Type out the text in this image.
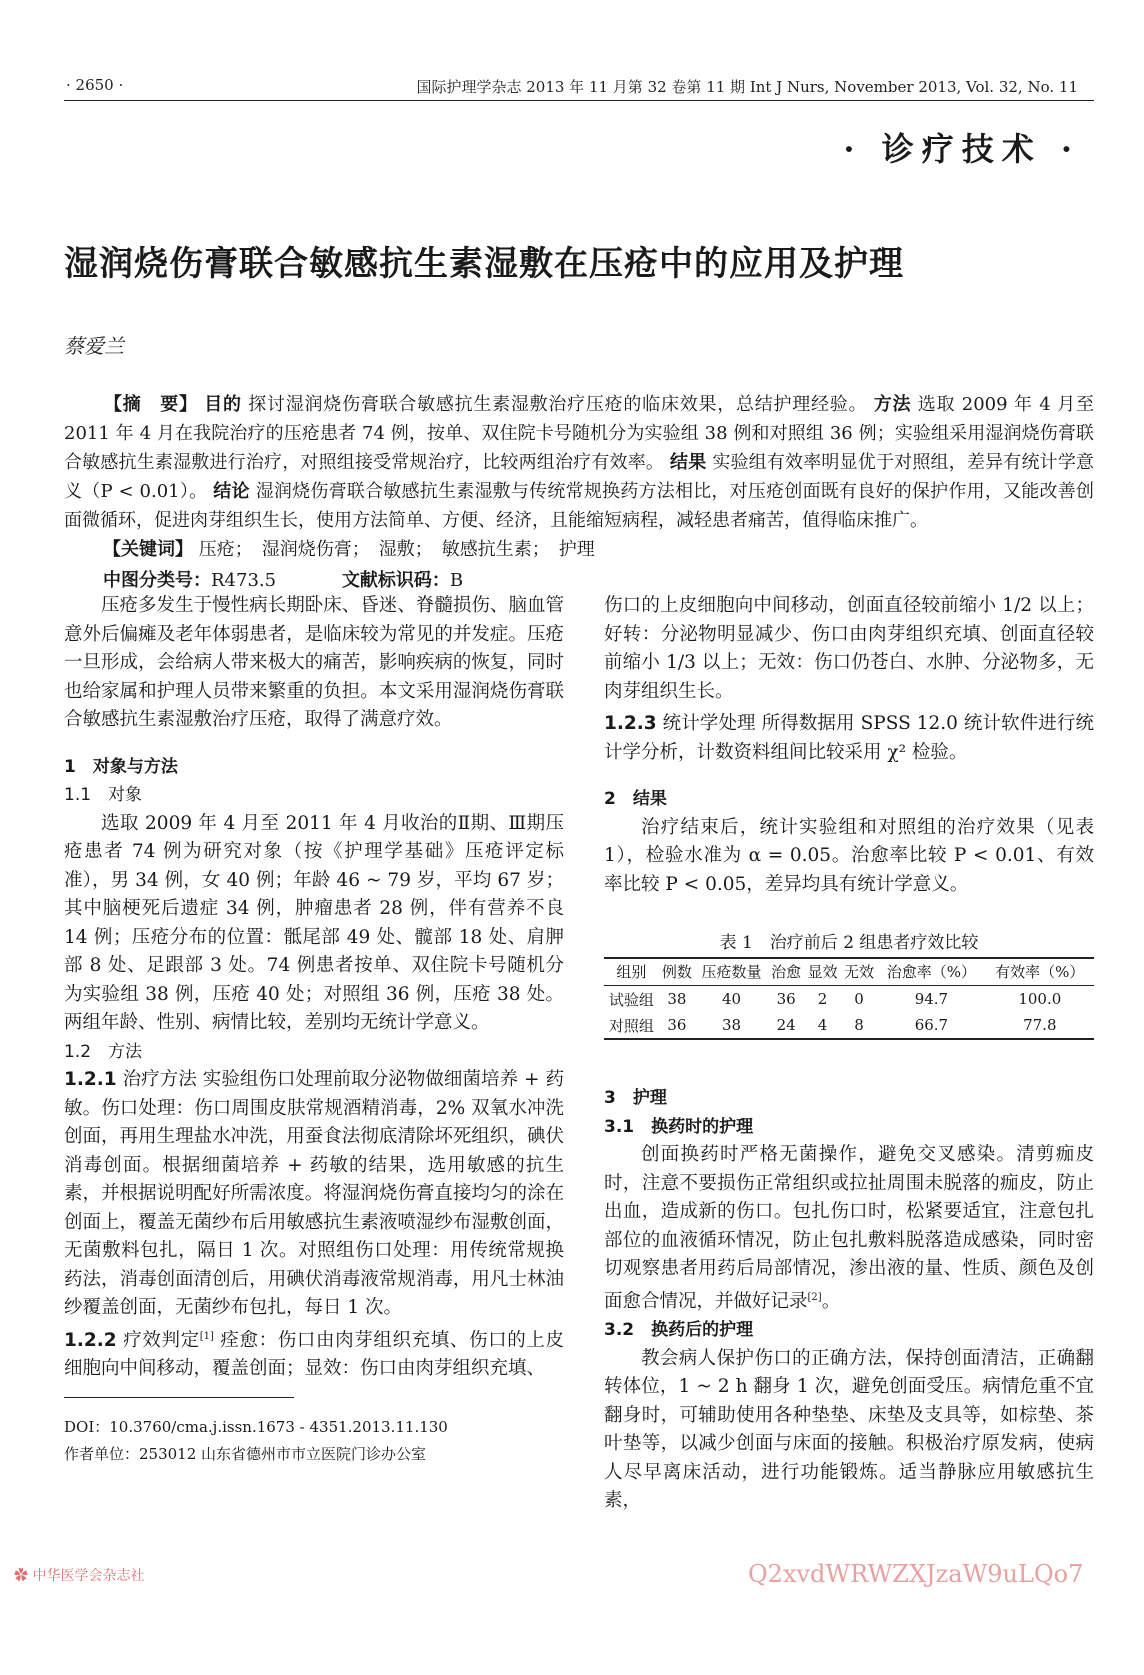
· 2650 ·	国际护理学杂志 2013 年 11 月第 32 卷第 11 期 Int J Nurs, November 2013, Vol. 32, No. 11
· 诊疗技术 ·
湿润烧伤膏联合敏感抗生素湿敷在压疮中的应用及护理
蔡爱兰
【摘　要】 目的 探讨湿润烧伤膏联合敏感抗生素湿敷治疗压疮的临床效果，总结护理经验。 方法 选取 2009 年 4 月至 2011 年 4 月在我院治疗的压疮患者 74 例，按单、双住院卡号随机分为实验组 38 例和对照组 36 例；实验组采用湿润烧伤膏联合敏感抗生素湿敷进行治疗，对照组接受常规治疗，比较两组治疗有效率。 结果 实验组有效率明显优于对照组，差异有统计学意义（P < 0.01）。 结论 湿润烧伤膏联合敏感抗生素湿敷与传统常规换药方法相比，对压疮创面既有良好的保护作用，又能改善创面微循环，促进肉芽组织生长，使用方法简单、方便、经济，且能缩短病程，减轻患者痛苦，值得临床推广。
【关键词】 压疮；　湿润烧伤膏；　湿敷；　敏感抗生素；　护理
中图分类号：R473.5	文献标识码：B

压疮多发生于慢性病长期卧床、昏迷、脊髓损伤、脑血管意外后偏瘫及老年体弱患者，是临床较为常见的并发症。压疮一旦形成，会给病人带来极大的痛苦，影响疾病的恢复，同时也给家属和护理人员带来繁重的负担。本文采用湿润烧伤膏联合敏感抗生素湿敷治疗压疮，取得了满意疗效。

1　对象与方法
1.1　对象

选取 2009 年 4 月至 2011 年 4 月收治的Ⅱ期、Ⅲ期压疮患者 74 例为研究对象（按《护理学基础》压疮评定标准），男 34 例，女 40 例；年龄 46 ~ 79 岁，平均 67 岁；其中脑梗死后遗症 34 例，肿瘤患者 28 例，伴有营养不良 14 例；压疮分布的位置：骶尾部 49 处、髋部 18 处、肩胛部 8 处、足跟部 3 处。74 例患者按单、双住院卡号随机分为实验组 38 例，压疮 40 处；对照组 36 例，压疮 38 处。两组年龄、性别、病情比较，差别均无统计学意义。

1.2　方法

1.2.1 治疗方法 实验组伤口处理前取分泌物做细菌培养 + 药敏。伤口处理：伤口周围皮肤常规酒精消毒，2% 双氧水冲洗创面，再用生理盐水冲洗，用蚕食法彻底清除坏死组织，碘伏消毒创面。根据细菌培养 + 药敏的结果，选用敏感的抗生素，并根据说明配好所需浓度。将湿润烧伤膏直接均匀的涂在创面上，覆盖无菌纱布后用敏感抗生素液喷湿纱布湿敷创面，无菌敷料包扎，隔日 1 次。对照组伤口处理：用传统常规换药法，消毒创面清创后，用碘伏消毒液常规消毒，用凡士林油纱覆盖创面，无菌纱布包扎，每日 1 次。

1.2.2 疗效判定[1] 痊愈：伤口由肉芽组织充填、伤口的上皮细胞向中间移动，覆盖创面；显效：伤口由肉芽组织充填、

伤口的上皮细胞向中间移动，创面直径较前缩小 1/2 以上；好转：分泌物明显减少、伤口由肉芽组织充填、创面直径较前缩小 1/3 以上；无效：伤口仍苍白、水肿、分泌物多，无肉芽组织生长。

1.2.3 统计学处理 所得数据用 SPSS 12.0 统计软件进行统计学分析，计数资料组间比较采用 χ² 检验。

2　结果

治疗结束后，统计实验组和对照组的治疗效果（见表 1），检验水准为 α = 0.05。治愈率比较 P < 0.01、有效率比较 P < 0.05，差异均具有统计学意义。

表 1　治疗前后 2 组患者疗效比较
组别	例数	压疮数量	治愈	显效	无效	治愈率（%）	有效率（%）
试验组	38	40	36	2	0	94.7	100.0
对照组	36	38	24	4	8	66.7	77.8
3　护理
3.1　换药时的护理

创面换药时严格无菌操作，避免交叉感染。清剪痂皮时，注意不要损伤正常组织或拉扯周围未脱落的痂皮，防止出血，造成新的伤口。包扎伤口时，松紧要适宜，注意包扎部位的血液循环情况，防止包扎敷料脱落造成感染，同时密切观察患者用药后局部情况，渗出液的量、性质、颜色及创面愈合情况，并做好记录[2]。

3.2　换药后的护理

教会病人保护伤口的正确方法，保持创面清洁，正确翻转体位，1 ~ 2 h 翻身 1 次，避免创面受压。病情危重不宜翻身时，可辅助使用各种垫垫、床垫及支具等，如棕垫、茶叶垫等，以减少创面与床面的接触。积极治疗原发病，使病人尽早离床活动，进行功能锻炼。适当静脉应用敏感抗生素，

DOI：10.3760/cma.j.issn.1673 - 4351.2013.11.130
作者单位：253012 山东省德州市市立医院门诊办公室
✿ 中华医学会杂志社	Q2xvdWRWZXJzaW9uLQo7
